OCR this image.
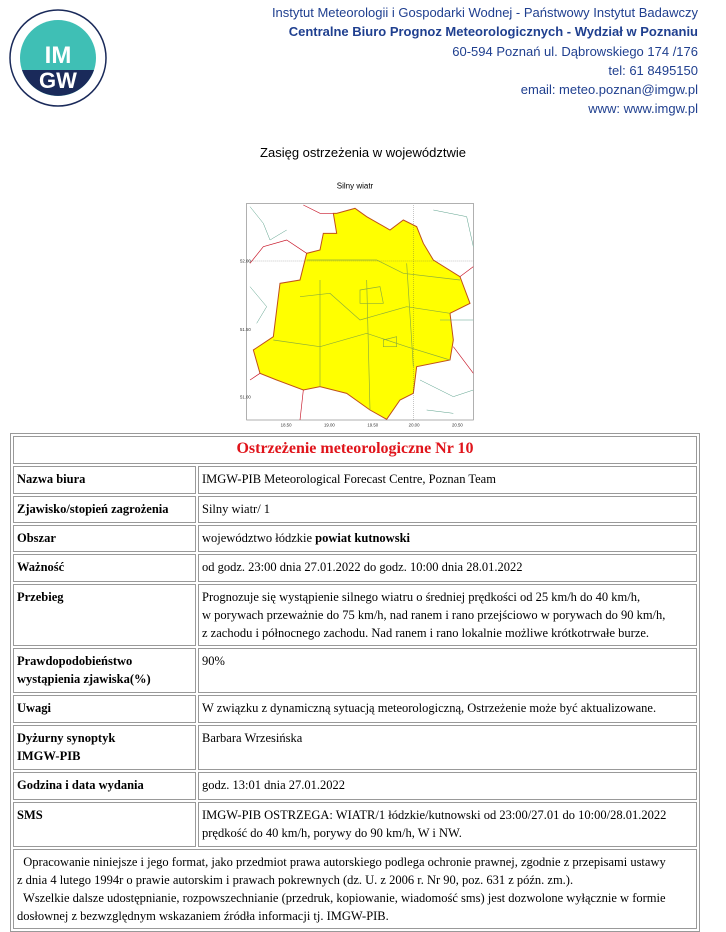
IM
GW
Instytut Meteorologii i Gospodarki Wodnej - Państwowy Instytut Badawczy
Centralne Biuro Prognoz Meteorologicznych - Wydział w Poznaniu
60-594 Poznań ul. Dąbrowskiego 174 /176
tel: 61 8495150
email: meteo.poznan@imgw.pl
www: www.imgw.pl
Zasięg ostrzeżenia w województwie
Silny wiatr
52.00
51.50
51.00
18.50 19.00 19.50 20.00 20.50
Ostrzeżenie meteorologiczne Nr 10	
Nazwa biura	IMGW-PIB Meteorological Forecast Centre, Poznan Team
Zjawisko/stopień zagrożenia	Silny wiatr/ 1
Obszar	województwo łódzkie powiat kutnowski
Ważność	od godz. 23:00 dnia 27.01.2022 do godz. 10:00 dnia 28.01.2022
Przebieg	Prognozuje się wystąpienie silnego wiatru o średniej prędkości od 25 km/h do 40 km/h,
w porywach przeważnie do 75 km/h, nad ranem i rano przejściowo w porywach do 90 km/h,
z zachodu i północnego zachodu. Nad ranem i rano lokalnie możliwe krótkotrwałe burze.

Prawdopodobieństwo
wystąpienia zjawiska(%)	90%
Uwagi	W związku z dynamiczną sytuacją meteorologiczną, Ostrzeżenie może być aktualizowane.

Dyżurny synoptyk
IMGW-PIB	Barbara Wrzesińska
Godzina i data wydania	godz. 13:01 dnia 27.01.2022
SMS	IMGW-PIB OSTRZEGA: WIATR/1 łódzkie/kutnowski od 23:00/27.01 do 10:00/28.01.2022
prędkość do 40 km/h, porywy do 90 km/h, W i NW.

Opracowanie niniejsze i jego format, jako przedmiot prawa autorskiego podlega ochronie prawnej, zgodnie z przepisami ustawy
z dnia 4 lutego 1994r o prawie autorskim i prawach pokrewnych (dz. U. z 2006 r. Nr 90, poz. 631 z późn. zm.).
Wszelkie dalsze udostępnianie, rozpowszechnianie (przedruk, kopiowanie, wiadomość sms) jest dozwolone wyłącznie w formie
dosłownej z bezwzględnym wskazaniem źródła informacji tj. IMGW-PIB.	
